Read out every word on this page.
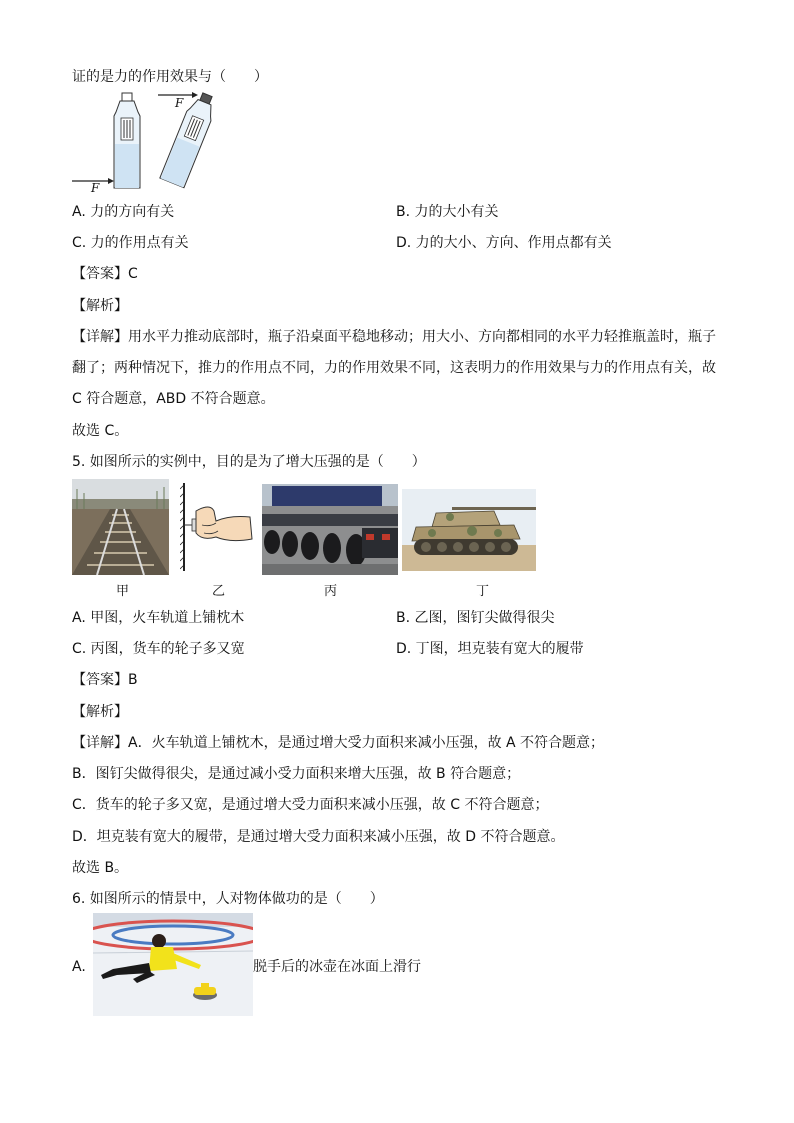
证的是力的作用效果与（　　）
F
F
A. 力的方向有关	B. 力的大小有关
C. 力的作用点有关	D. 力的大小、方向、作用点都有关
【答案】C
【解析】
【详解】用水平力推动底部时，瓶子沿桌面平稳地移动；用大小、方向都相同的水平力轻推瓶盖时，瓶子
翻了；两种情况下，推力的作用点不同，力的作用效果不同，这表明力的作用效果与力的作用点有关，故
C 符合题意，ABD 不符合题意。
故选 C。
5. 如图所示的实例中，目的是为了增大压强的是（　　）
甲	乙	丙	丁
A. 甲图，火车轨道上铺枕木	B. 乙图，图钉尖做得很尖
C. 丙图，货车的轮子多又宽	D. 丁图，坦克装有宽大的履带
【答案】B
【解析】
【详解】A．火车轨道上铺枕木，是通过增大受力面积来减小压强，故 A 不符合题意；
B．图钉尖做得很尖，是通过减小受力面积来增大压强，故 B 符合题意；
C．货车的轮子多又宽，是通过增大受力面积来减小压强，故 C 不符合题意；
D．坦克装有宽大的履带，是通过增大受力面积来减小压强，故 D 不符合题意。
故选 B。
6. 如图所示的情景中，人对物体做功的是（　　）
A.	脱手后的冰壶在冰面上滑行
